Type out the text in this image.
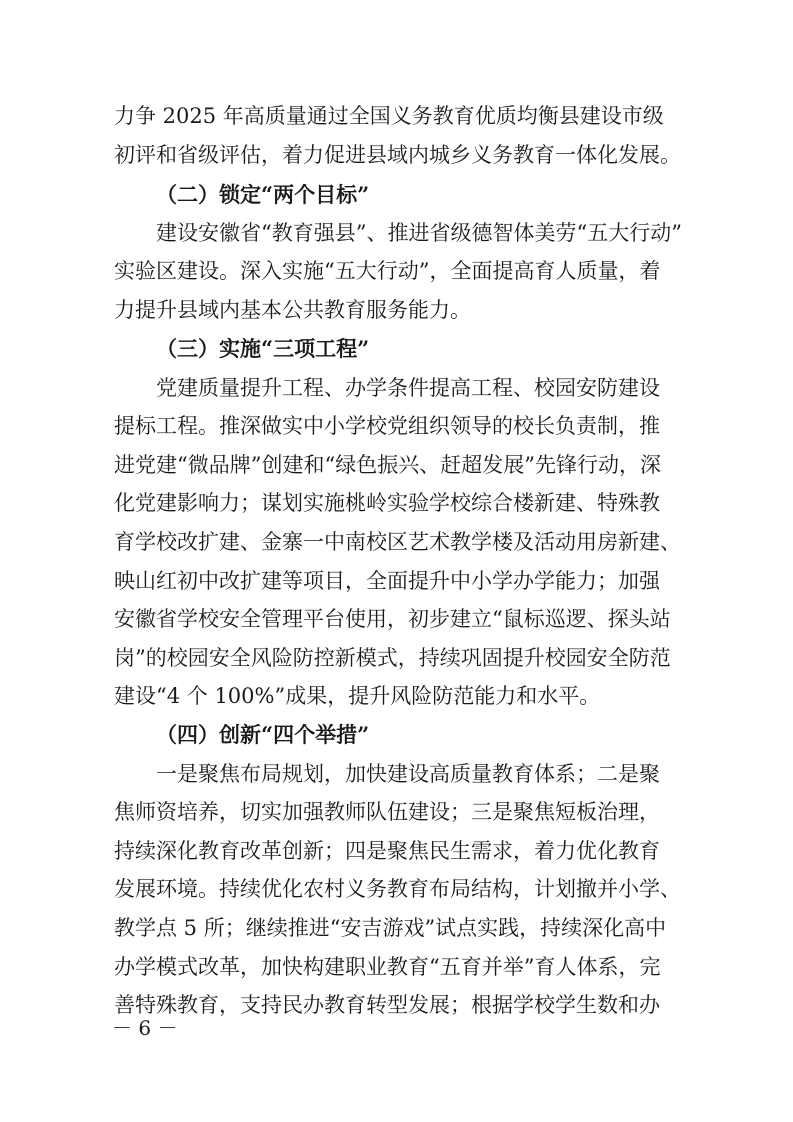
力争 2025 年高质量通过全国义务教育优质均衡县建设市级
初评和省级评估，着力促进县域内城乡义务教育一体化发展。
（二）锁定“两个目标”
建设安徽省“教育强县”、推进省级德智体美劳“五大行动”
实验区建设。深入实施“五大行动”，全面提高育人质量，着
力提升县域内基本公共教育服务能力。
（三）实施“三项工程”
党建质量提升工程、办学条件提高工程、校园安防建设
提标工程。推深做实中小学校党组织领导的校长负责制，推
进党建“微品牌”创建和“绿色振兴、赶超发展”先锋行动，深
化党建影响力；谋划实施桃岭实验学校综合楼新建、特殊教
育学校改扩建、金寨一中南校区艺术教学楼及活动用房新建、
映山红初中改扩建等项目，全面提升中小学办学能力；加强
安徽省学校安全管理平台使用，初步建立“鼠标巡逻、探头站
岗”的校园安全风险防控新模式，持续巩固提升校园安全防范
建设“4 个 100%”成果，提升风险防范能力和水平。
（四）创新“四个举措”
一是聚焦布局规划，加快建设高质量教育体系；二是聚
焦师资培养，切实加强教师队伍建设；三是聚焦短板治理，
持续深化教育改革创新；四是聚焦民生需求，着力优化教育
发展环境。持续优化农村义务教育布局结构，计划撤并小学、
教学点 5 所；继续推进“安吉游戏”试点实践，持续深化高中
办学模式改革，加快构建职业教育“五育并举”育人体系，完
善特殊教育，支持民办教育转型发展；根据学校学生数和办
－ 6 －
